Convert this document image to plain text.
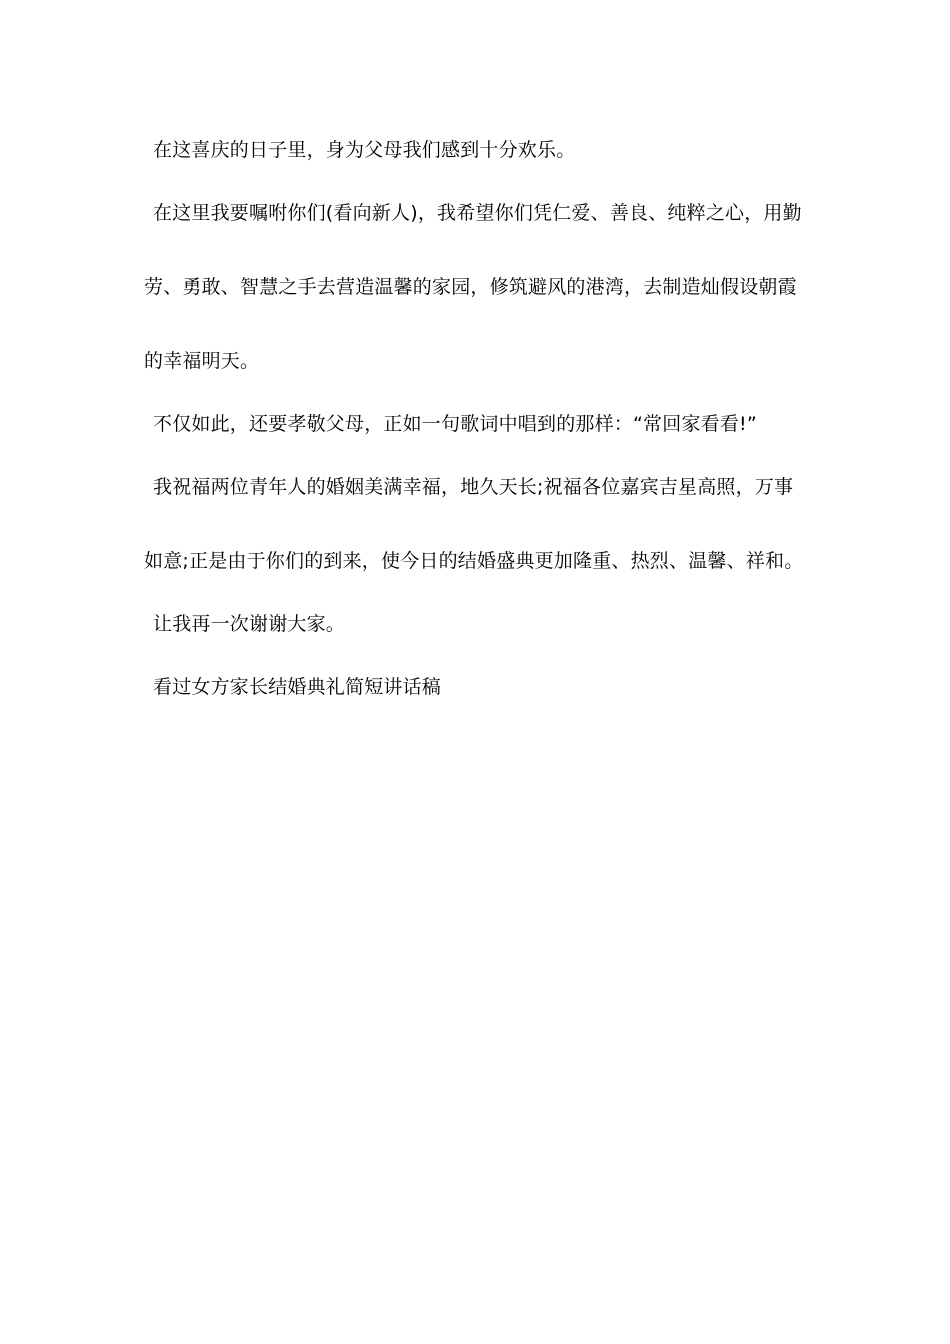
在这喜庆的日子里，身为父母我们感到十分欢乐。
在这里我要嘱咐你们(看向新人)，我希望你们凭仁爱、善良、纯粹之心，用勤
劳、勇敢、智慧之手去营造温馨的家园，修筑避风的港湾，去制造灿假设朝霞
的幸福明天。
不仅如此，还要孝敬父母，正如一句歌词中唱到的那样：“常回家看看!”
我祝福两位青年人的婚姻美满幸福，地久天长;祝福各位嘉宾吉星高照，万事
如意;正是由于你们的到来，使今日的结婚盛典更加隆重、热烈、温馨、祥和。
让我再一次谢谢大家。
看过女方家长结婚典礼简短讲话稿
